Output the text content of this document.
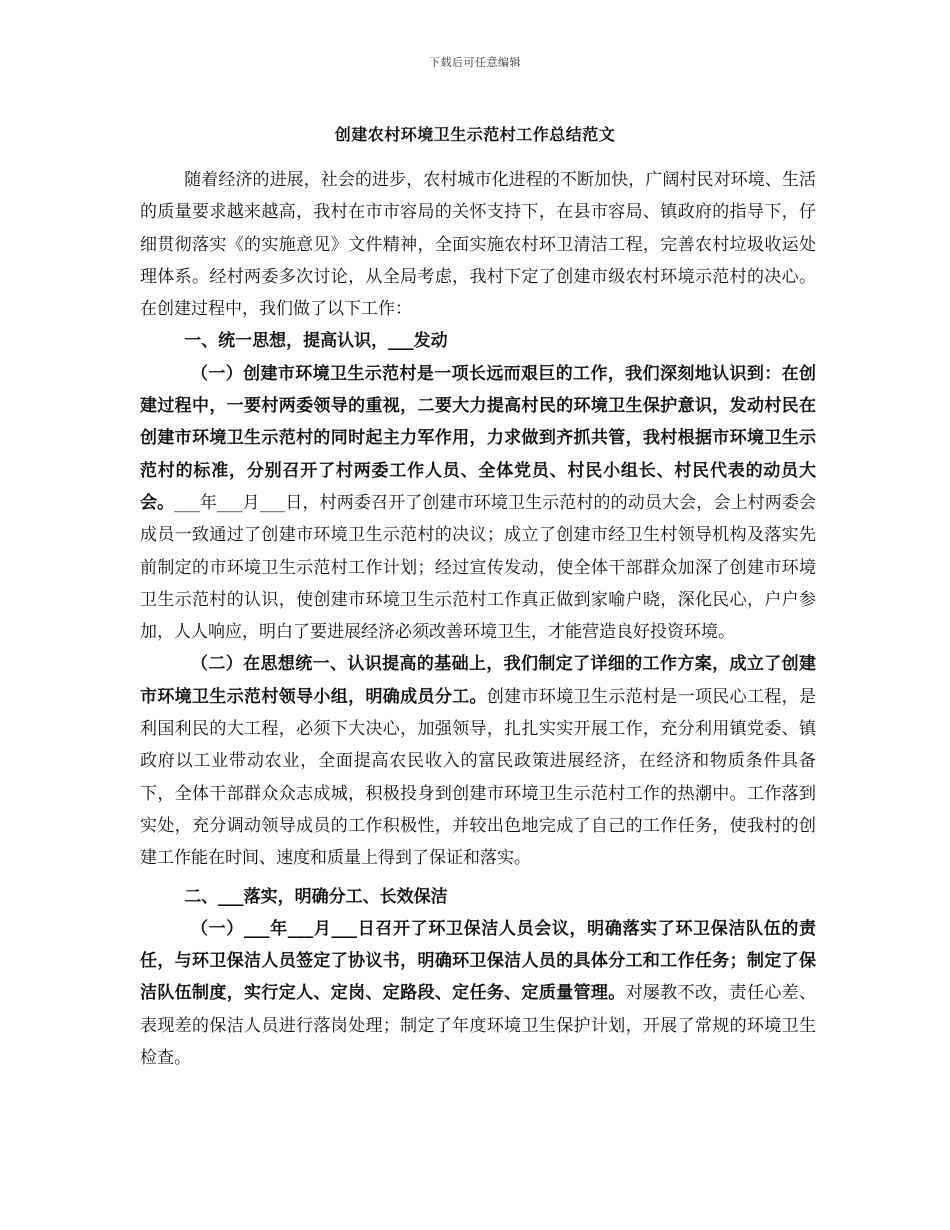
下载后可任意编辑
创建农村环境卫生示范村工作总结范文

随着经济的进展，社会的进步，农村城市化进程的不断加快，广阔村民对环境、生活的质量要求越来越高，我村在市市容局的关怀支持下，在县市容局、镇政府的指导下，仔细贯彻落实《的实施意见》文件精神，全面实施农村环卫清洁工程，完善农村垃圾收运处理体系。经村两委多次讨论，从全局考虑，我村下定了创建市级农村环境示范村的决心。在创建过程中，我们做了以下工作：

一、统一思想，提高认识，___发动

（一）创建市环境卫生示范村是一项长远而艰巨的工作，我们深刻地认识到：在创建过程中，一要村两委领导的重视，二要大力提高村民的环境卫生保护意识，发动村民在创建市环境卫生示范村的同时起主力军作用，力求做到齐抓共管，我村根据市环境卫生示范村的标准，分别召开了村两委工作人员、全体党员、村民小组长、村民代表的动员大会。___年___月___日，村两委召开了创建市环境卫生示范村的的动员大会，会上村两委会成员一致通过了创建市环境卫生示范村的决议；成立了创建市经卫生村领导机构及落实先前制定的市环境卫生示范村工作计划；经过宣传发动，使全体干部群众加深了创建市环境卫生示范村的认识，使创建市环境卫生示范村工作真正做到家喻户晓，深化民心，户户参加，人人响应，明白了要进展经济必须改善环境卫生，才能营造良好投资环境。

（二）在思想统一、认识提高的基础上，我们制定了详细的工作方案，成立了创建市环境卫生示范村领导小组，明确成员分工。创建市环境卫生示范村是一项民心工程，是利国利民的大工程，必须下大决心，加强领导，扎扎实实开展工作，充分利用镇党委、镇政府以工业带动农业，全面提高农民收入的富民政策进展经济，在经济和物质条件具备下，全体干部群众众志成城，积极投身到创建市环境卫生示范村工作的热潮中。工作落到实处，充分调动领导成员的工作积极性，并较出色地完成了自己的工作任务，使我村的创建工作能在时间、速度和质量上得到了保证和落实。

二、___落实，明确分工、长效保洁

（一）___年___月___日召开了环卫保洁人员会议，明确落实了环卫保洁队伍的责任，与环卫保洁人员签定了协议书，明确环卫保洁人员的具体分工和工作任务；制定了保洁队伍制度，实行定人、定岗、定路段、定任务、定质量管理。对屡教不改，责任心差、表现差的保洁人员进行落岗处理；制定了年度环境卫生保护计划，开展了常规的环境卫生检查。
